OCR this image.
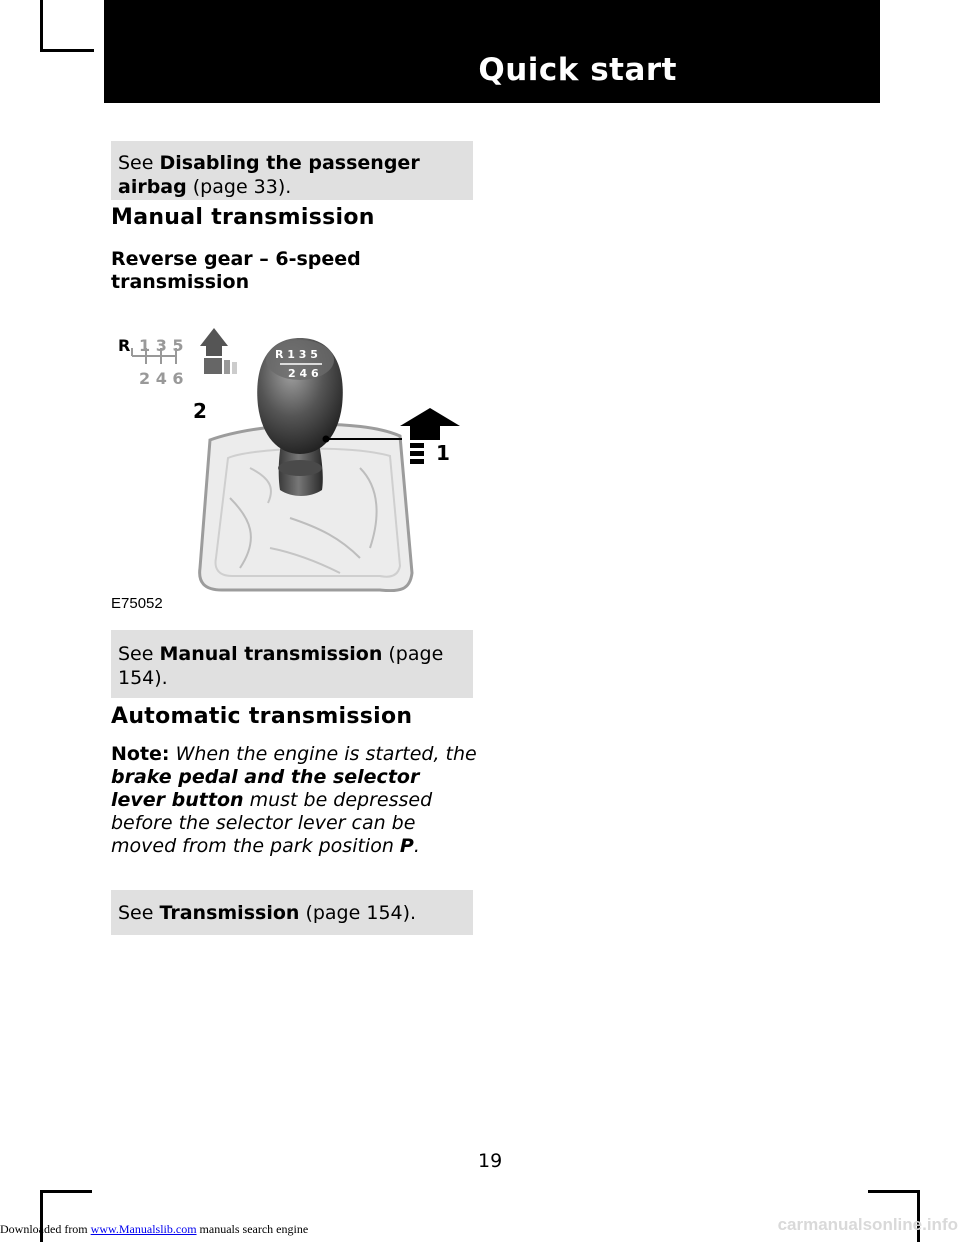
Quick start
See Disabling the passenger airbag (page 33).
Manual transmission
Reverse gear – 6-speed transmission
R 1 3 5
2 4 6
2
R 1 3 5
2 4 6
1
E75052
See Manual transmission (page 154).
Automatic transmission
Note: When the engine is started, the brake pedal and the selector lever button must be depressed before the selector lever can be moved from the park position P.
See Transmission (page 154).
19
Downloaded from www.Manualslib.com manuals search engine	carmanualsonline.info
